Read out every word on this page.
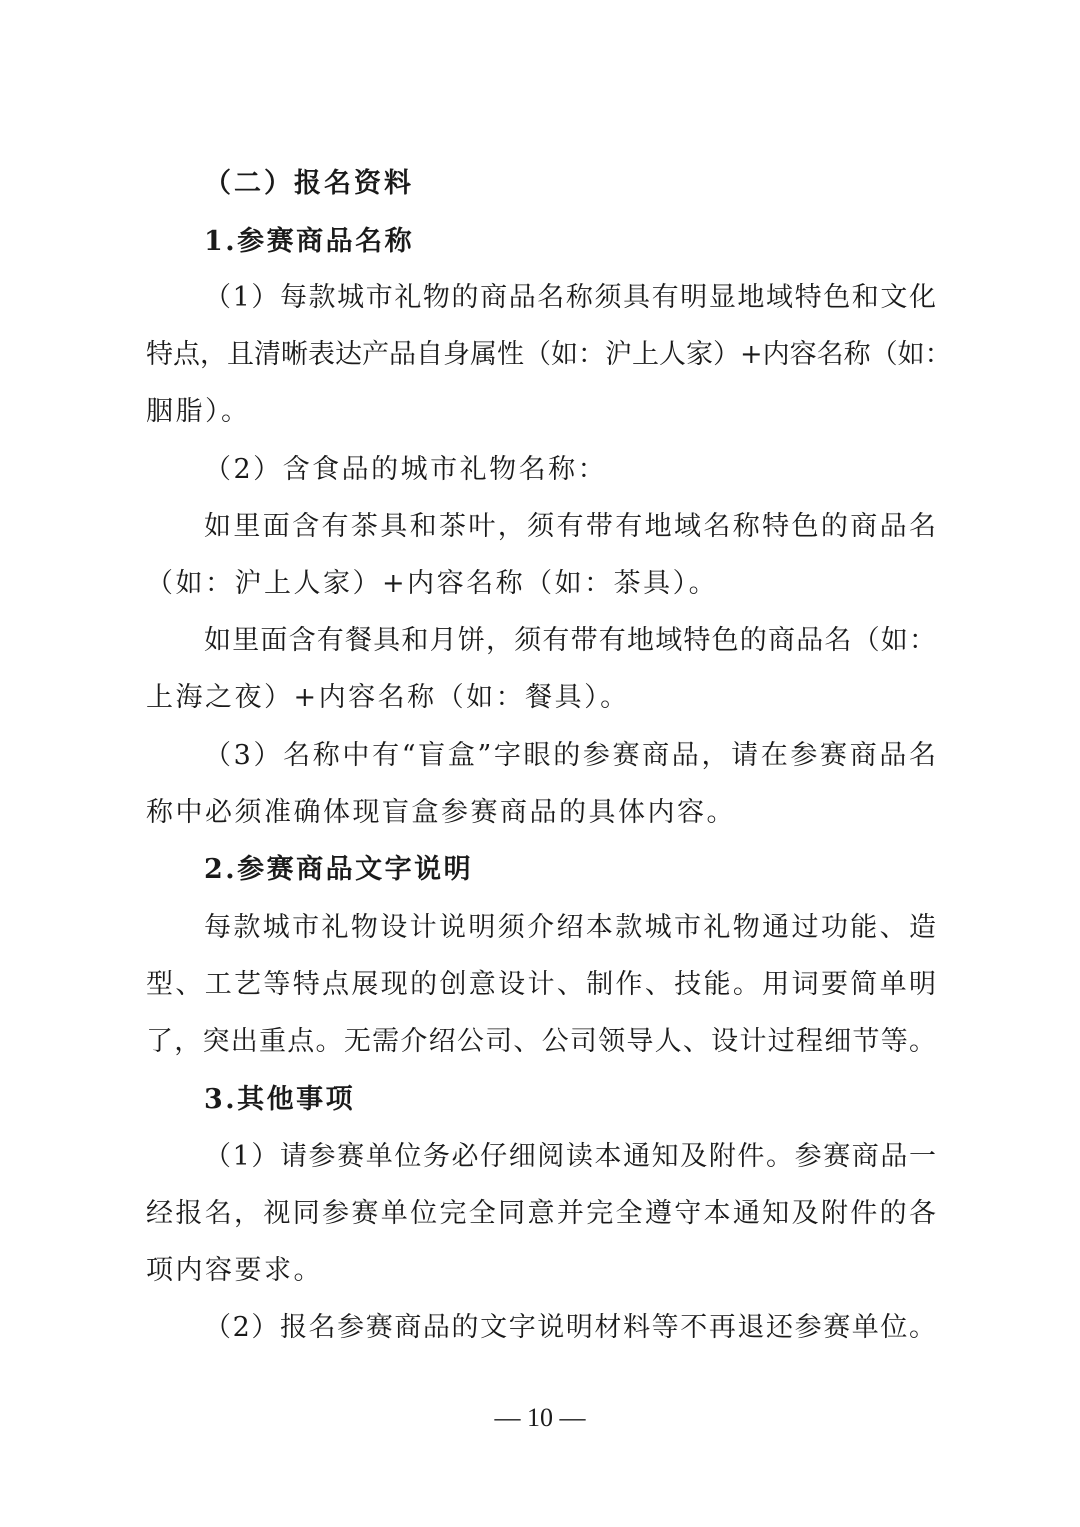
（二）报名资料
1.参赛商品名称
（1）每款城市礼物的商品名称须具有明显地域特色和文化
特点，且清晰表达产品自身属性（如：沪上人家）+内容名称（如：
胭脂）。
（2）含食品的城市礼物名称：
如里面含有茶具和茶叶，须有带有地域名称特色的商品名
（如：沪上人家）+内容名称（如：茶具）。
如里面含有餐具和月饼，须有带有地域特色的商品名（如：
上海之夜）+内容名称（如：餐具）。
（3）名称中有“盲盒”字眼的参赛商品，请在参赛商品名
称中必须准确体现盲盒参赛商品的具体内容。
2.参赛商品文字说明
每款城市礼物设计说明须介绍本款城市礼物通过功能、造
型、工艺等特点展现的创意设计、制作、技能。用词要简单明
了，突出重点。无需介绍公司、公司领导人、设计过程细节等。
3.其他事项
（1）请参赛单位务必仔细阅读本通知及附件。参赛商品一
经报名，视同参赛单位完全同意并完全遵守本通知及附件的各
项内容要求。
（2）报名参赛商品的文字说明材料等不再退还参赛单位。
— 10 —
